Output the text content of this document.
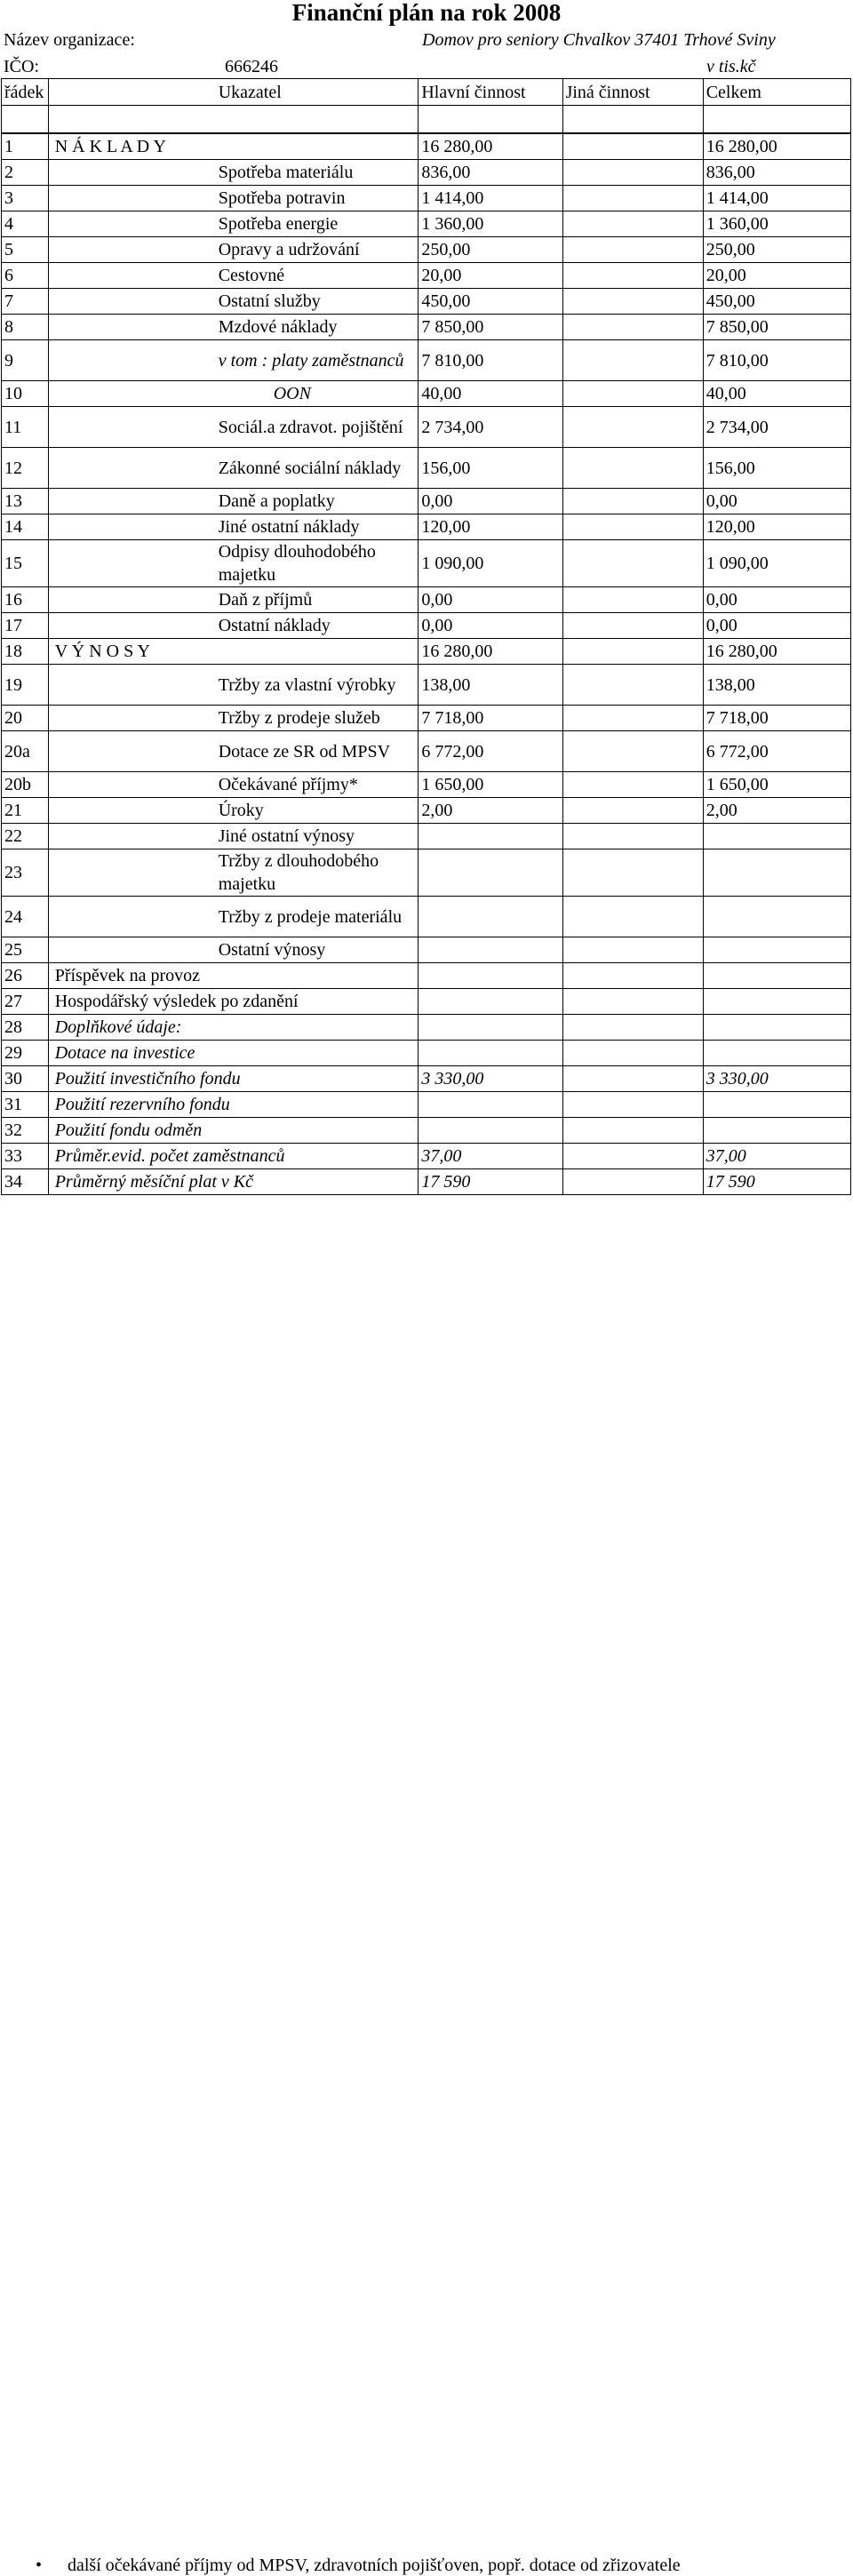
Finanční plán na rok 2008
Název organizace:	Domov pro seniory Chvalkov 37401 Trhové Sviny
IČO:	666246	v tis.kč
řádek	Ukazatel	Hlavní činnost	Jiná činnost	Celkem

1	N Á K L A D Y	16 280,00		16 280,00
2	Spotřeba materiálu	836,00		836,00
3	Spotřeba potravin	1 414,00		1 414,00
4	Spotřeba energie	1 360,00		1 360,00
5	Opravy a udržování	250,00		250,00
6	Cestovné	20,00		20,00
7	Ostatní služby	450,00		450,00
8	Mzdové náklady	7 850,00		7 850,00
9	v tom : platy zaměstnanců	7 810,00		7 810,00
10	OON	40,00		40,00
11	Sociál.a zdravot. pojištění	2 734,00		2 734,00
12	Zákonné sociální náklady	156,00		156,00
13	Daně a poplatky	0,00		0,00
14	Jiné ostatní náklady	120,00		120,00
15	Odpisy dlouhodobého majetku	1 090,00		1 090,00
16	Daň z příjmů	0,00		0,00
17	Ostatní náklady	0,00		0,00
18	V Ý N O S Y	16 280,00		16 280,00
19	Tržby za vlastní výrobky	138,00		138,00
20	Tržby z prodeje služeb	7 718,00		7 718,00
20a	Dotace ze SR od MPSV	6 772,00		6 772,00
20b	Očekávané příjmy*	1 650,00		1 650,00
21	Úroky	2,00		2,00
22	Jiné ostatní výnosy			

23	Tržby z dlouhodobého majetku			

24	Tržby z prodeje materiálu			

25	Ostatní výnosy			

26	Příspěvek na provoz			

27	Hospodářský výsledek po zdanění			

28	Doplňkové údaje:			

29	Dotace na investice			

30	Použití investičního fondu	3 330,00		3 330,00
31	Použití rezervního fondu			

32	Použití fondu odměn			

33	Průměr.evid. počet zaměstnanců	37,00		37,00
34	Průměrný měsíční plat v Kč	17 590		17 590
• další očekávané příjmy od MPSV, zdravotních pojišťoven, popř. dotace od zřizovatele
